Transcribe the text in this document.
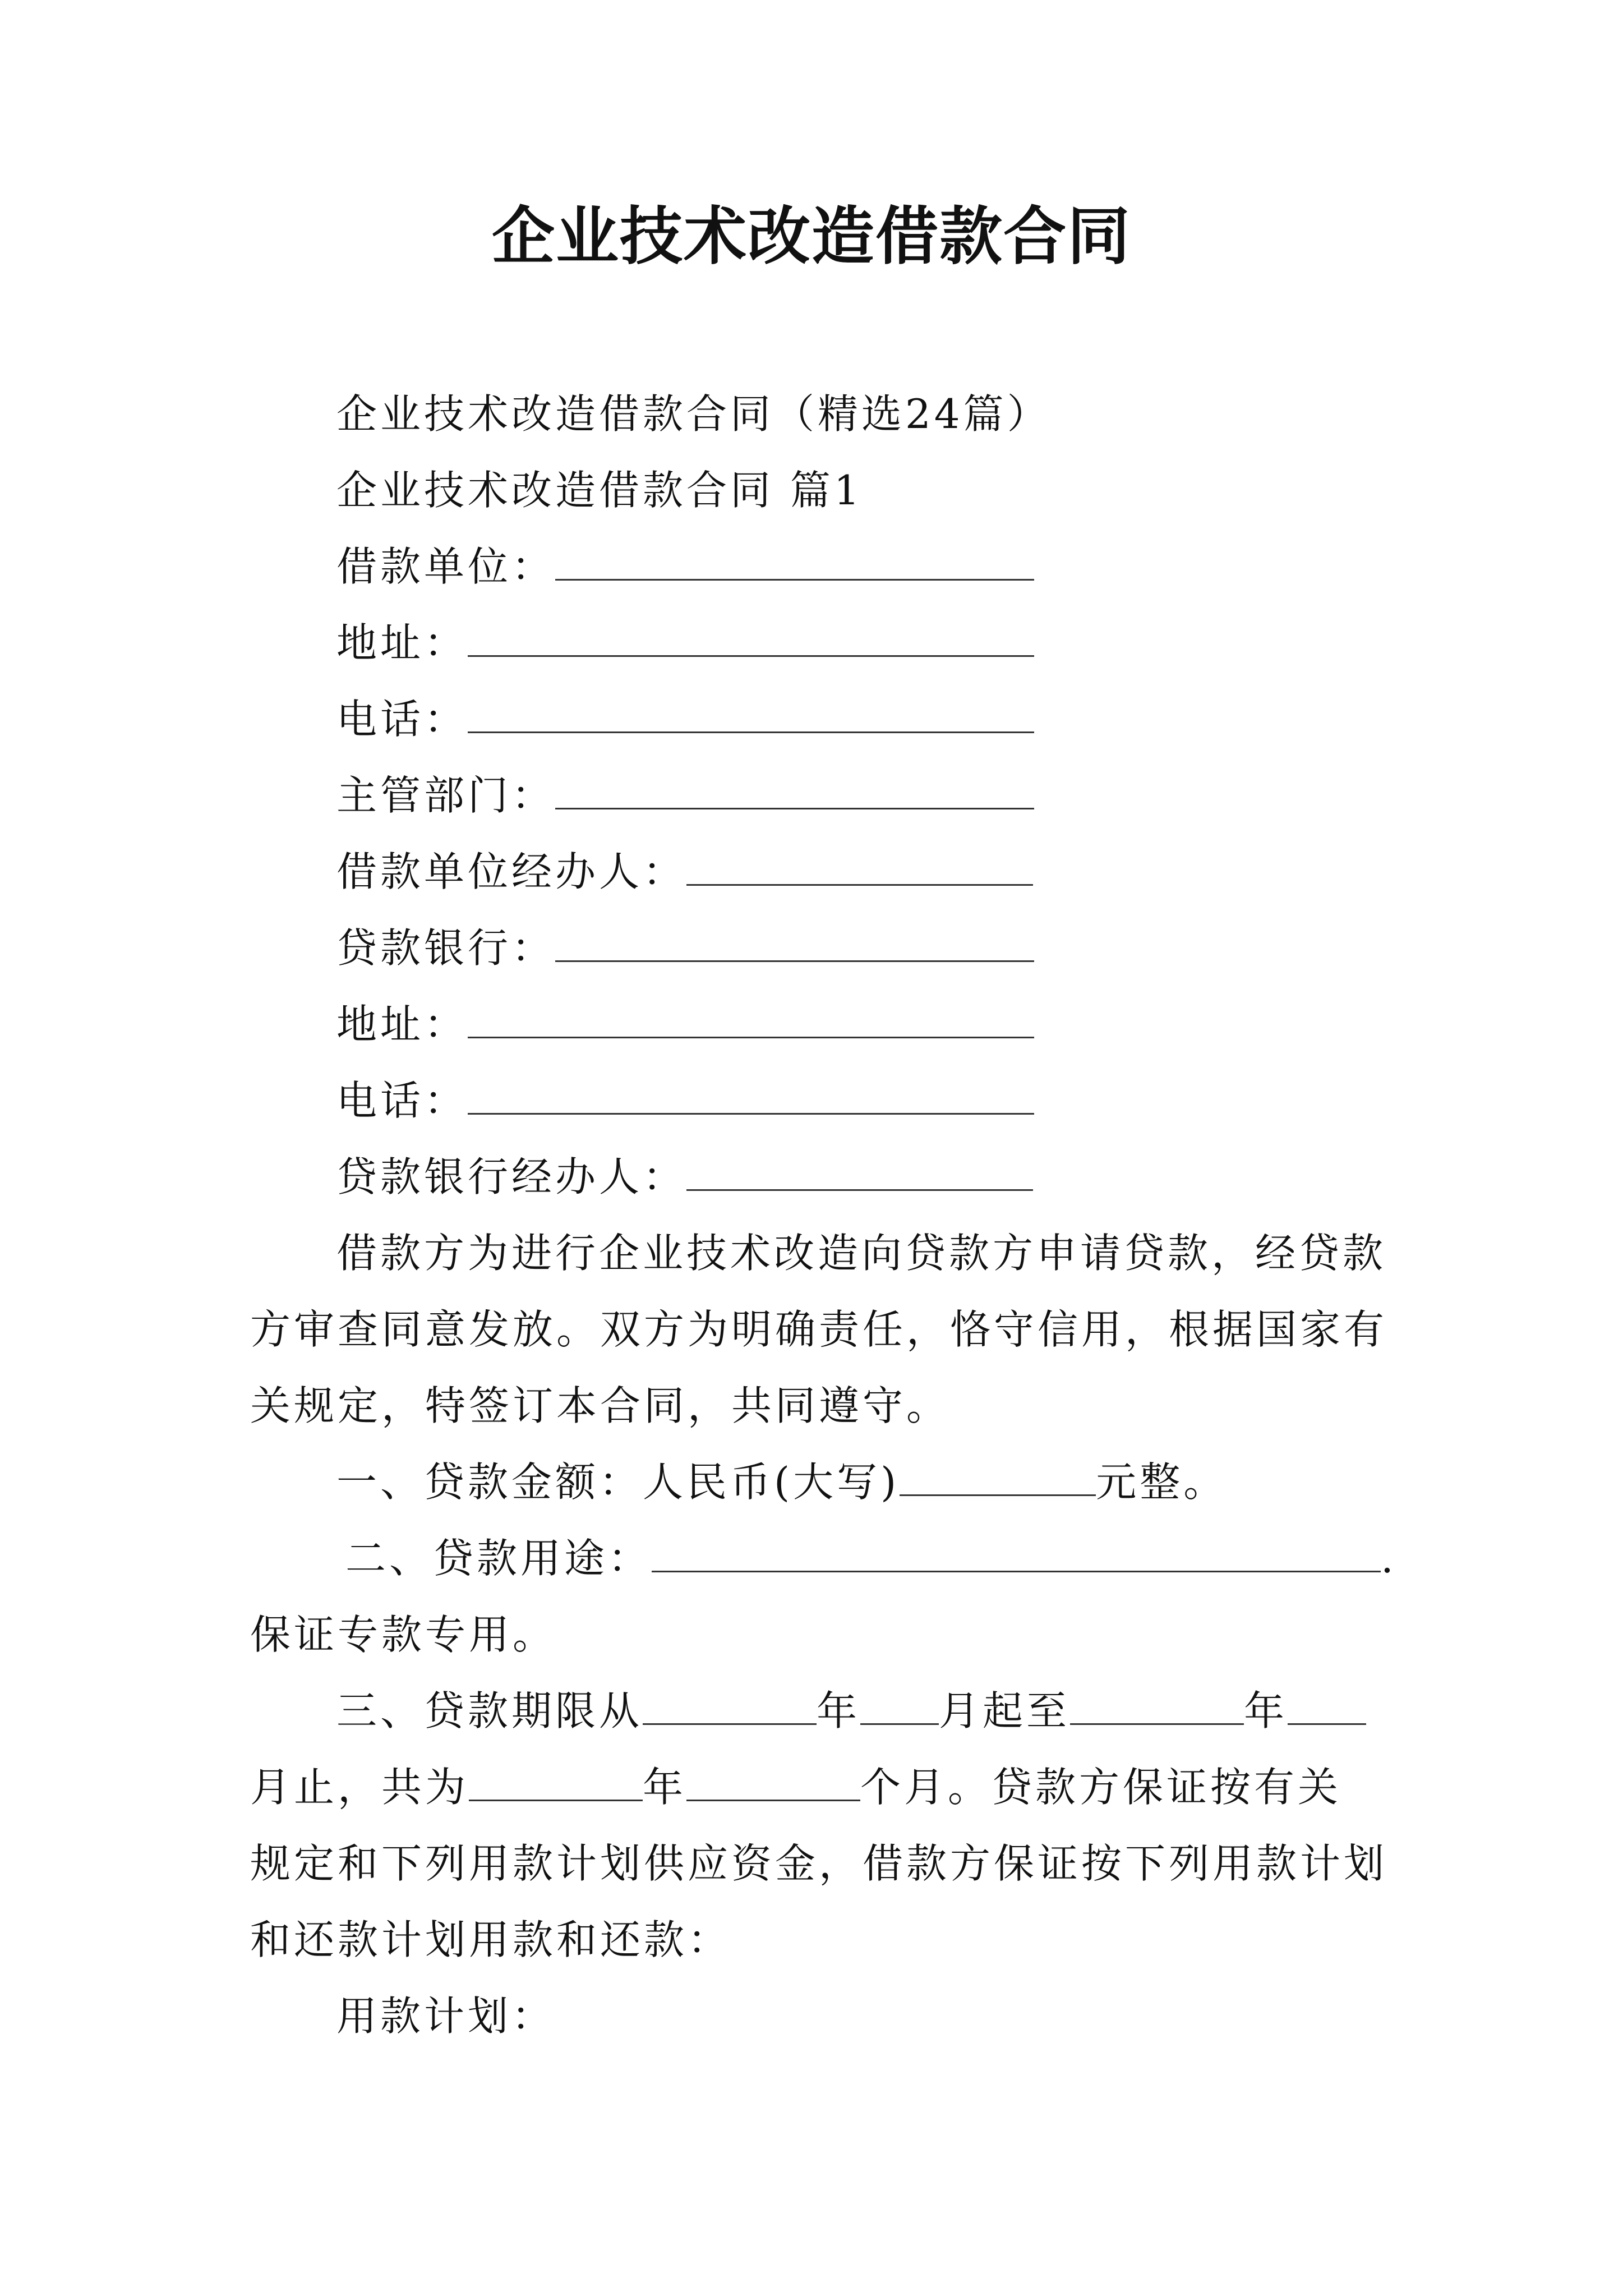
企业技术改造借款合同
企业技术改造借款合同（精选24篇）
企业技术改造借款合同 篇1
借款单位：
地址：
电话：
主管部门：
借款单位经办人：
贷款银行：
地址：
电话：
贷款银行经办人：
借款方为进行企业技术改造向贷款方申请贷款，经贷款
方审查同意发放。双方为明确责任，恪守信用，根据国家有
关规定，特签订本合同，共同遵守。
一、贷款金额：人民币(大写)	元整。
二、贷款用途：	.
保证专款专用。
三、贷款期限从	年 月起至	年
月止，共为	年	个月。贷款方保证按有关
规定和下列用款计划供应资金，借款方保证按下列用款计划
和还款计划用款和还款：
用款计划：
